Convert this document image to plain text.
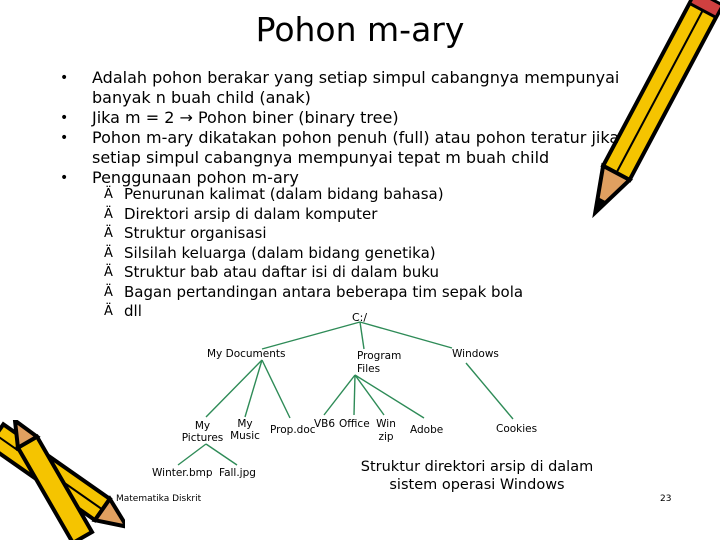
Pohon m-ary
• Adalah pohon berakar yang setiap simpul cabangnya mempunyai banyak n buah child (anak)
• Jika m = 2 → Pohon biner (binary tree)
• Pohon m-ary dikatakan pohon penuh (full) atau pohon teratur jika setiap simpul cabangnya mempunyai tepat m buah child
• Penggunaan pohon m-ary
Ä Penurunan kalimat (dalam bidang bahasa)
Ä Direktori arsip di dalam komputer
Ä Struktur organisasi
Ä Silsilah keluarga (dalam bidang genetika)
Ä Struktur bab atau daftar isi di dalam buku
Ä Bagan pertandingan antara beberapa tim sepak bola
Ä dll	C:/
My Documents	Program Files
Windows
My Pictures
My Music Prop.doc
VB6 Office Win zip
Adobe	Cookies
Winter.bmp Fall.jpg	Struktur direktori arsip di dalam sistem operasi Windows
Matematika Diskrit	23
